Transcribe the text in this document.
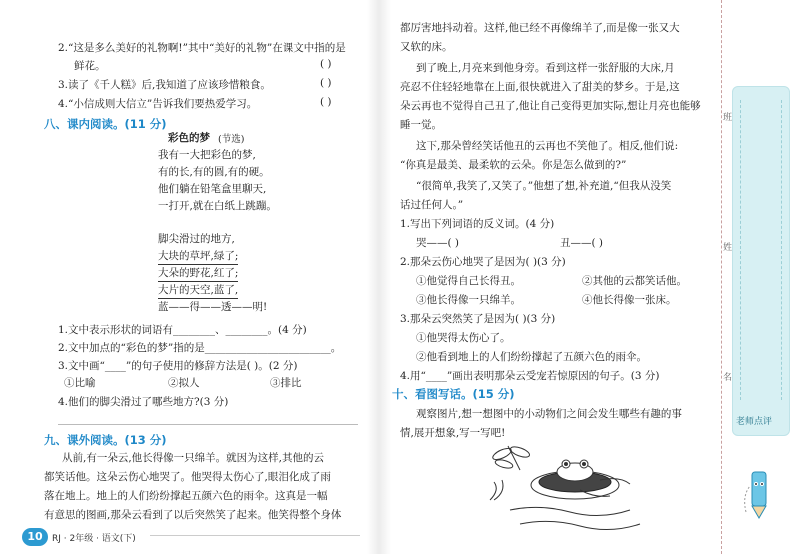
班
姓
名
老师点评
2.“这是多么美好的礼物啊!”其中“美好的礼物”在课文中指的是
鲜花。	( )
3.读了《千人糕》后,我知道了应该珍惜粮食。	( )
4.“小信成则大信立”告诉我们要热爱学习。	( )
八、课内阅读。(11 分)
彩色的梦 (节选)
我有一大把彩色的梦,
有的长,有的圆,有的硬。
他们躺在铅笔盒里聊天,
一打开,就在白纸上跳蹦。
脚尖滑过的地方,
大块的草坪,绿了;
大朵的野花,红了;
大片的天空,蓝了,
蓝——得——透——明!
1.文中表示形状的词语有________、________。(4 分)
2.文中加点的“彩色的梦”指的是________________________。
3.文中画“____”的句子使用的修辞方法是( )。(2 分)
①比喻	②拟人	③排比
4.他们的脚尖滑过了哪些地方?(3 分)
九、课外阅读。(13 分)
从前,有一朵云,他长得像一只绵羊。就因为这样,其他的云
都笑话他。这朵云伤心地哭了。他哭得太伤心了,眼泪化成了雨
落在地上。地上的人们纷纷撑起五颜六色的雨伞。这真是一幅
有意思的图画,那朵云看到了以后突然笑了起来。他笑得整个身体
10	RJ · 2年级 · 语文(下)
都厉害地抖动着。这样,他已经不再像绵羊了,而是像一张又大
又软的床。
到了晚上,月亮来到他身旁。看到这样一张舒服的大床,月
亮忍不住轻轻地靠在上面,很快就进入了甜美的梦乡。于是,这
朵云再也不觉得自己丑了,他让自己变得更加实际,想让月亮也能够
睡一觉。
这下,那朵曾经笑话他丑的云再也不笑他了。相反,他们说:
“你真是最美、最柔软的云朵。你是怎么做到的?”
“很简单,我笑了,又笑了。”他想了想,补充道,“但我从没笑
话过任何人。”
1.写出下列词语的反义词。(4 分)
哭——( )	丑——( )
2.那朵云伤心地哭了是因为( )(3 分)
①他觉得自己长得丑。	②其他的云都笑话他。
③他长得像一只绵羊。	④他长得像一张床。
3.那朵云突然笑了是因为( )(3 分)
①他哭得太伤心了。
②他看到地上的人们纷纷撑起了五颜六色的雨伞。
4.用“____”画出表明那朵云受宠若惊原因的句子。(3 分)
十、看图写话。(15 分)
观察图片,想一想图中的小动物们之间会发生哪些有趣的事
情,展开想象,写一写吧!
